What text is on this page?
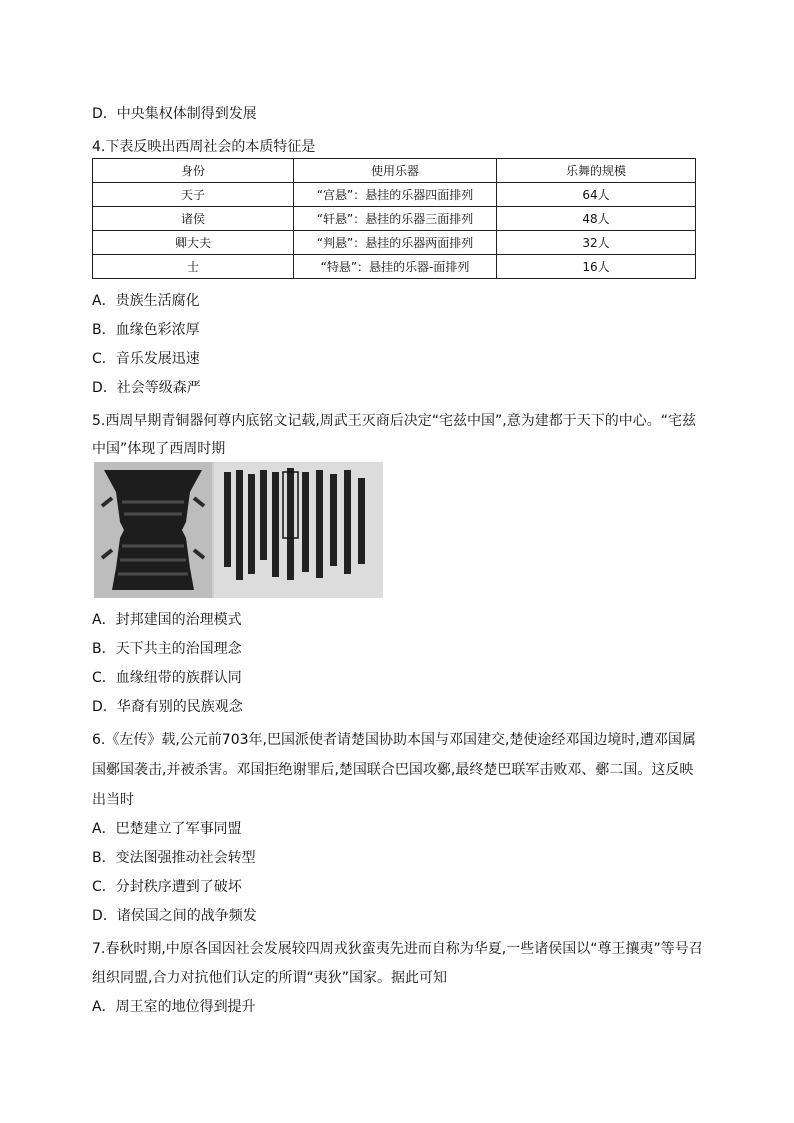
D．中央集权体制得到发展
4.下表反映出西周社会的本质特征是
身份	使用乐器	乐舞的规模
天子	“宫悬”：悬挂的乐器四面排列	64人
诸侯	“轩悬”：悬挂的乐器三面排列	48人
卿大夫	“判悬”：悬挂的乐器两面排列	32人
士	“特悬”：悬挂的乐器-面排列	16人
A．贵族生活腐化
B．血缘色彩浓厚
C．音乐发展迅速
D．社会等级森严
5.西周早期青铜器何尊内底铭文记载,周武王灭商后决定“宅兹中国”,意为建都于天下的中心。“宅兹
中国”体现了西周时期
A．封邦建国的治理模式
B．天下共主的治国理念
C．血缘纽带的族群认同
D．华裔有别的民族观念
6.《左传》载,公元前703年,巴国派使者请楚国协助本国与邓国建交,楚使途经邓国边境时,遭邓国属
国鄾国袭击,并被杀害。邓国拒绝谢罪后,楚国联合巴国攻鄾,最终楚巴联军击败邓、鄾二国。这反映
出当时
A．巴楚建立了军事同盟
B．变法图强推动社会转型
C．分封秩序遭到了破坏
D．诸侯国之间的战争频发
7.春秋时期,中原各国因社会发展较四周戎狄蛮夷先进而自称为华夏,一些诸侯国以“尊王攘夷”等号召
组织同盟,合力对抗他们认定的所谓“夷狄”国家。据此可知
A．周王室的地位得到提升
